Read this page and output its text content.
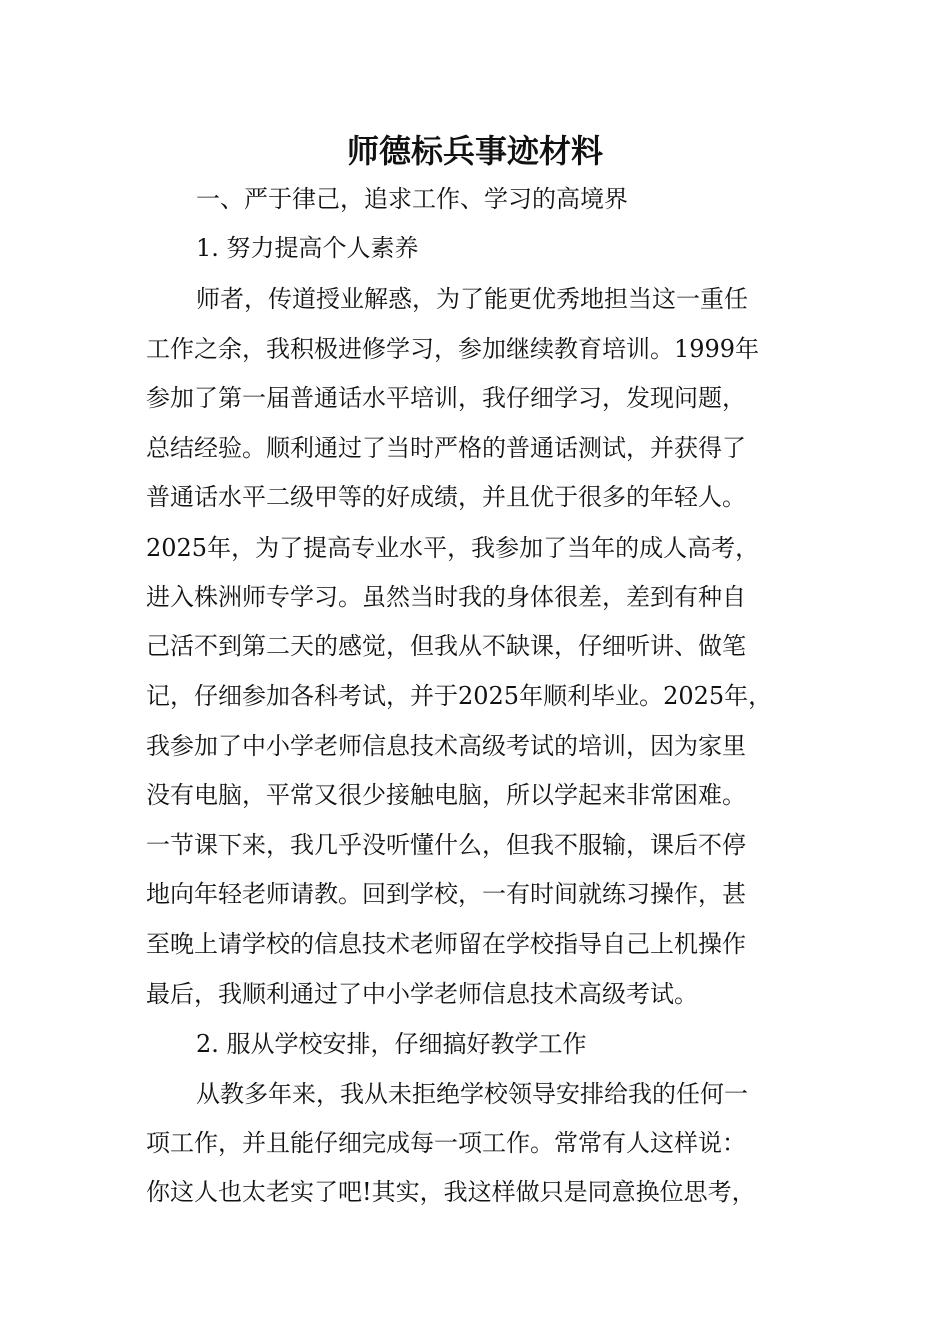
师德标兵事迹材料
一、严于律己，追求工作、学习的高境界
1. 努力提高个人素养
师者，传道授业解惑，为了能更优秀地担当这一重任
工作之余，我积极进修学习，参加继续教育培训。1999年
参加了第一届普通话水平培训，我仔细学习，发现问题，
总结经验。顺利通过了当时严格的普通话测试，并获得了
普通话水平二级甲等的好成绩，并且优于很多的年轻人。
2025年，为了提高专业水平，我参加了当年的成人高考，
进入株洲师专学习。虽然当时我的身体很差，差到有种自
己活不到第二天的感觉，但我从不缺课，仔细听讲、做笔
记，仔细参加各科考试，并于2025年顺利毕业。2025年，
我参加了中小学老师信息技术高级考试的培训，因为家里
没有电脑，平常又很少接触电脑，所以学起来非常困难。
一节课下来，我几乎没听懂什么，但我不服输，课后不停
地向年轻老师请教。回到学校，一有时间就练习操作，甚
至晚上请学校的信息技术老师留在学校指导自己上机操作
最后，我顺利通过了中小学老师信息技术高级考试。
2. 服从学校安排，仔细搞好教学工作
从教多年来，我从未拒绝学校领导安排给我的任何一
项工作，并且能仔细完成每一项工作。常常有人这样说：
你这人也太老实了吧!其实，我这样做只是同意换位思考，
